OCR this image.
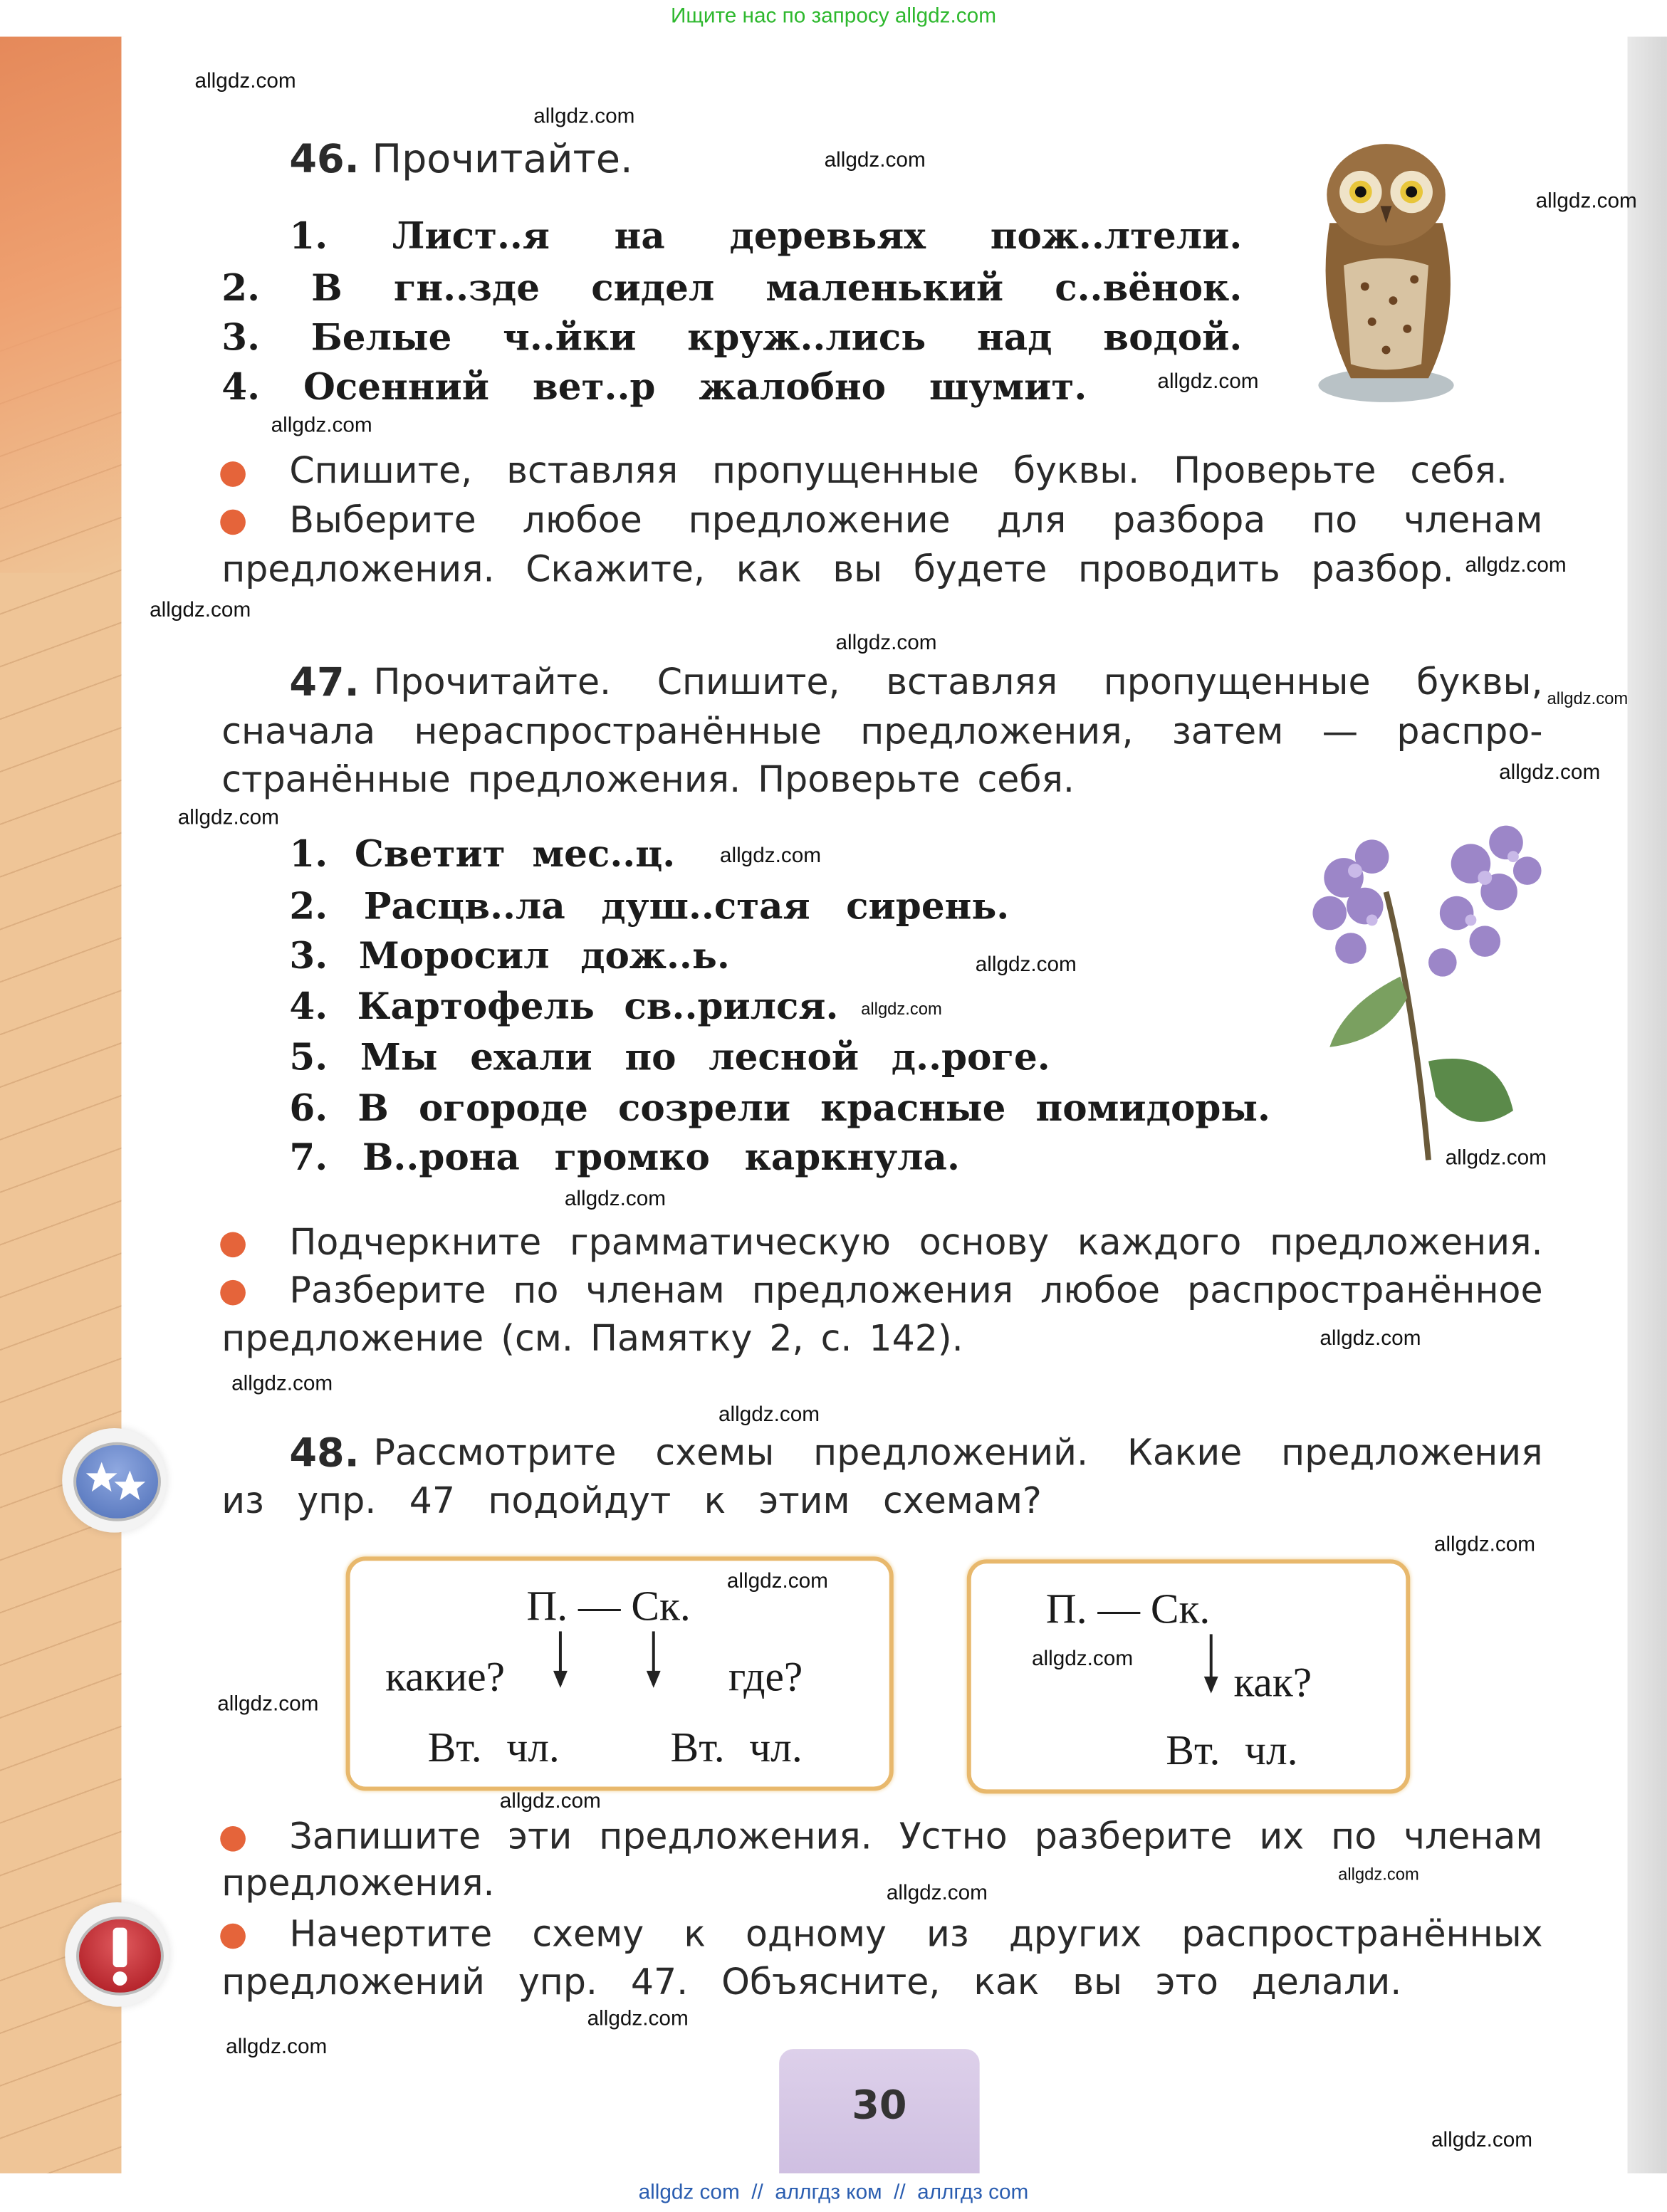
Ищите нас по запросу allgdz.com
46. Прочитайте.
1. Лист..я на деревьях пож..лтели.
2. В гн..зде сидел маленький с..вёнок.
3. Белые ч..йки круж..лись над водой.
4. Осенний вет..р жалобно шумит.
Спишите, вставляя пропущенные буквы. Проверьте себя.
Выберите любое предложение для разбора по членам
предложения. Скажите, как вы будете проводить разбор.
47. Прочитайте. Спишите, вставляя пропущенные буквы,
сначала нераспространённые предложения, затем — распро-
странённые предложения. Проверьте себя.
1. Светит мес..ц.
2. Расцв..ла душ..стая сирень.
3. Моросил дож..ь.
4. Картофель св..рился.
5. Мы ехали по лесной д..роге.
6. В огороде созрели красные помидоры.
7. В..рона громко каркнула.
Подчеркните грамматическую основу каждого предложения.
Разберите по членам предложения любое распространённое
предложение (см. Памятку 2, с. 142).
48. Рассмотрите схемы предложений. Какие предложения
из упр. 47 подойдут к этим схемам?
П. — Ск.
какие?	где?
Вт. чл.	Вт. чл.
П. — Ск.
как?
Вт. чл.
Запишите эти предложения. Устно разберите их по членам
предложения.
Начертите схему к одному из других распространённых
предложений упр. 47. Объясните, как вы это делали.
30
allgdz.com
allgdz.com
allgdz.com
allgdz.com
allgdz.com
allgdz.com
allgdz.com
allgdz.com
allgdz.com
allgdz.com
allgdz.com
allgdz.com
allgdz.com
allgdz.com
allgdz.com
allgdz.com
allgdz.com
allgdz.com
allgdz.com
allgdz.com
allgdz.com
allgdz.com
allgdz.com
allgdz.com
allgdz.com
allgdz.com
allgdz.com
allgdz.com
allgdz.com
allgdz.com
allgdz com  //  аллгдз ком  //  аллгдз com
